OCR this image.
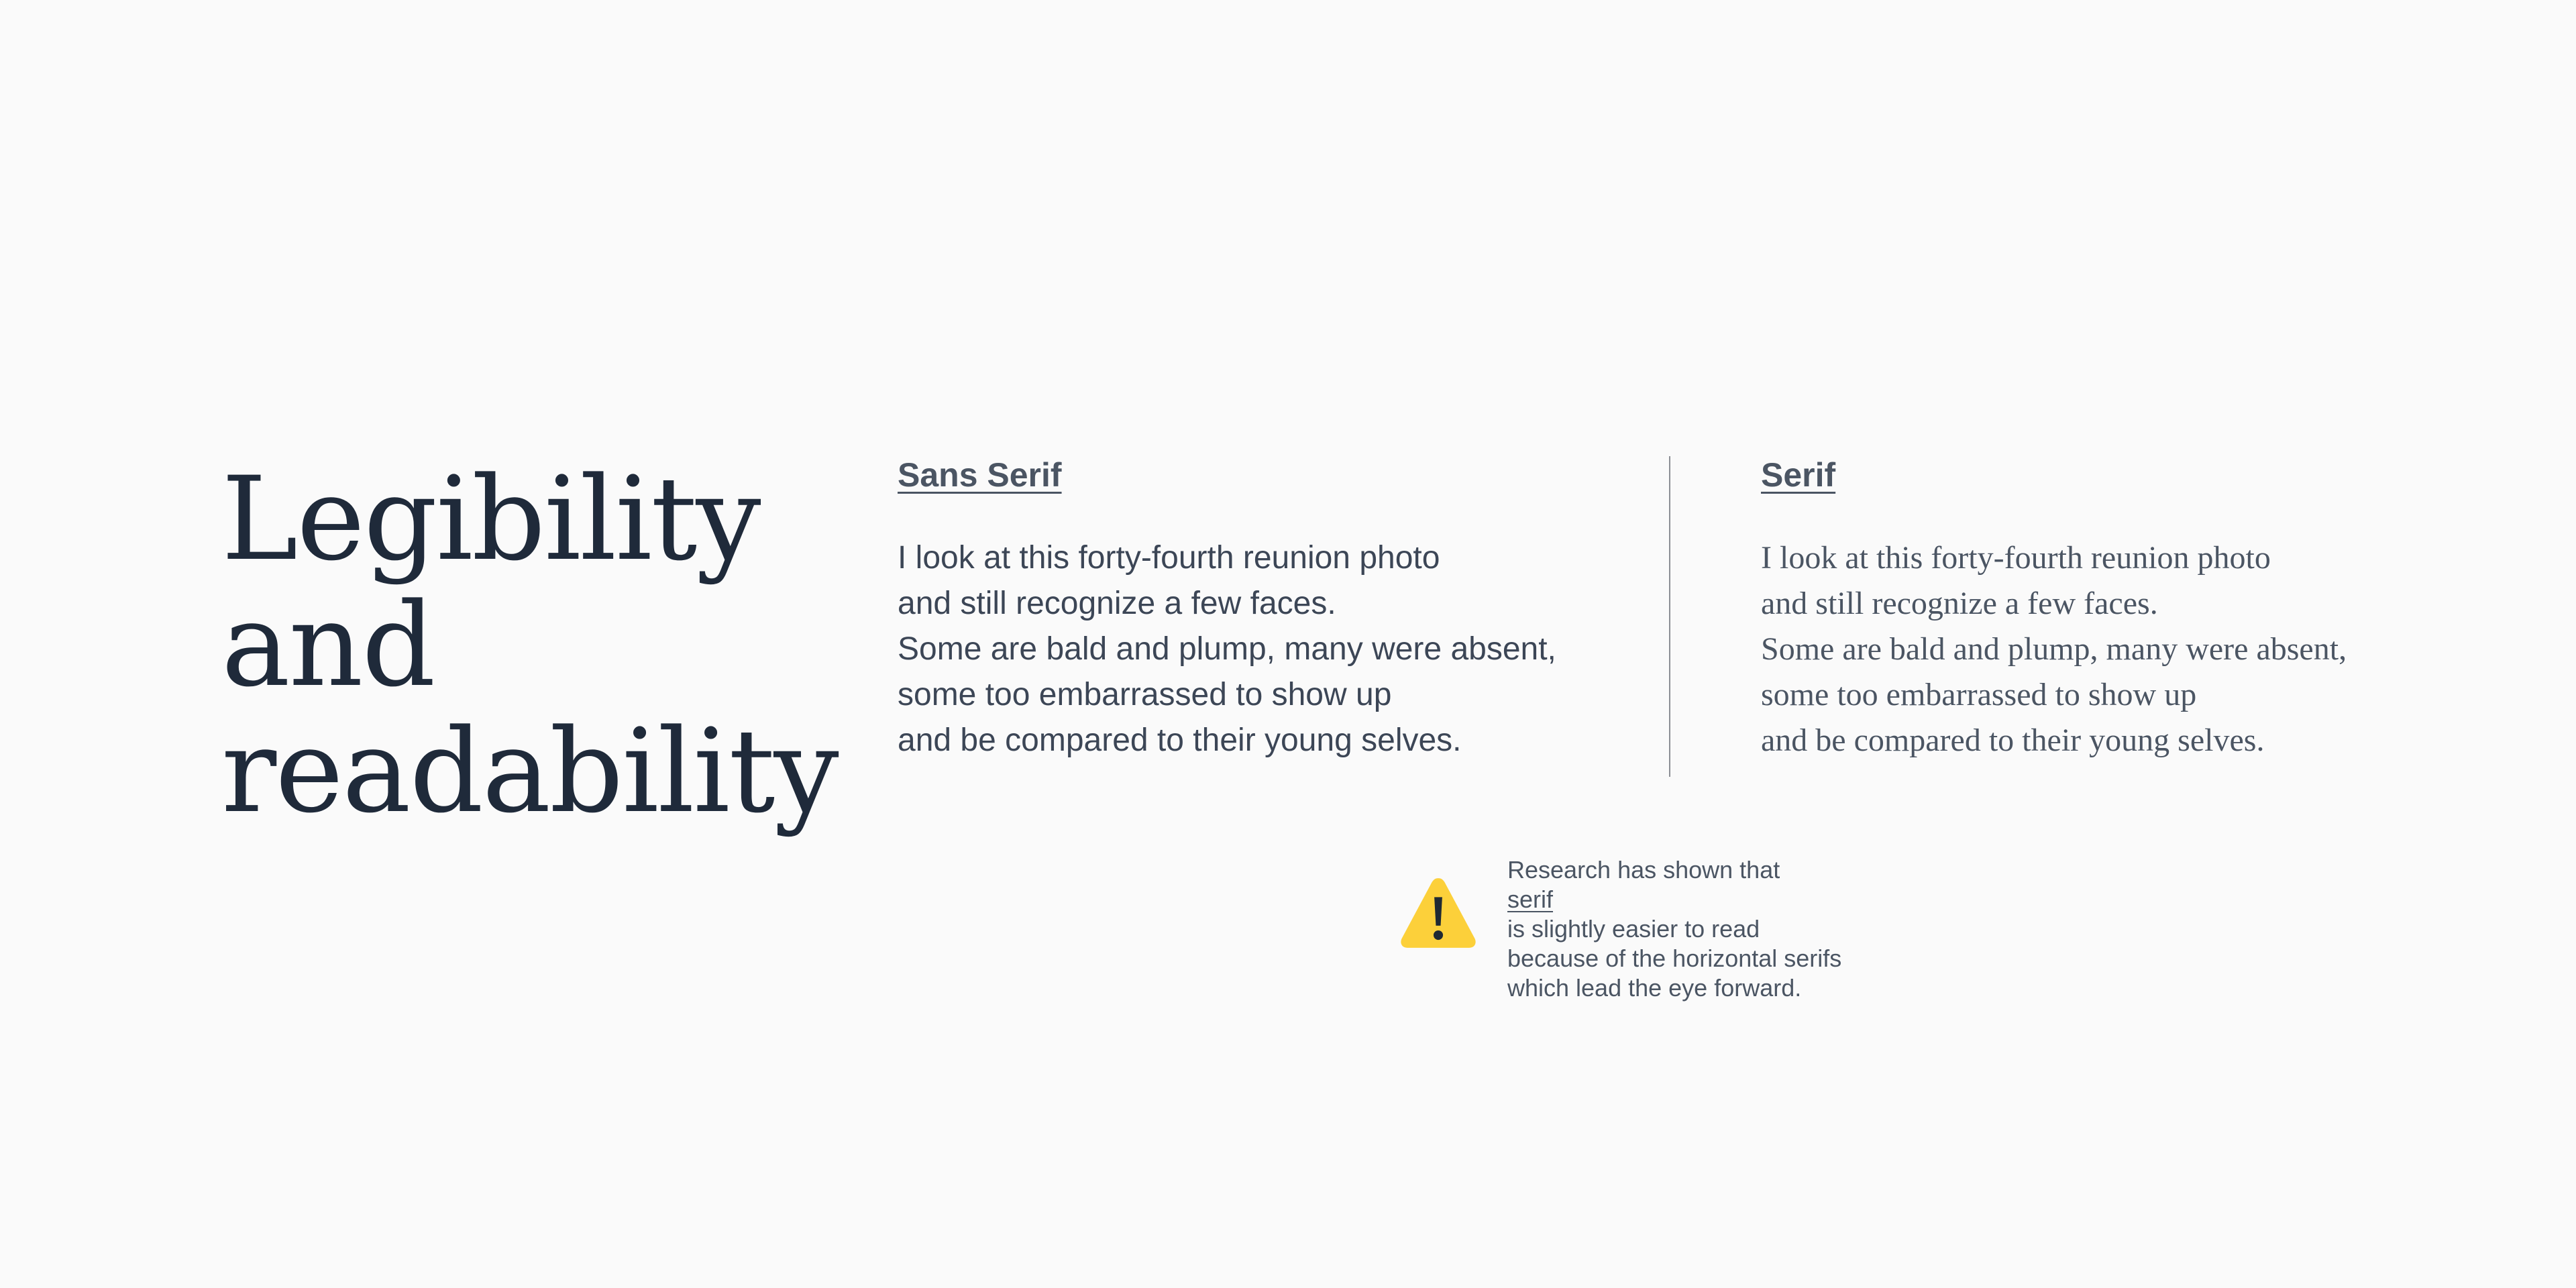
Legibility
and
readability
Sans Serif

I look at this forty-fourth reunion photo
and still recognize a few faces.
Some are bald and plump, many were absent,
some too embarrassed to show up
and be compared to their young selves.

Serif

I look at this forty-fourth reunion photo
and still recognize a few faces.
Some are bald and plump, many were absent,
some too embarrassed to show up
and be compared to their young selves.

Research has shown that
serif
is slightly easier to read
because of the horizontal serifs
which lead the eye forward.
